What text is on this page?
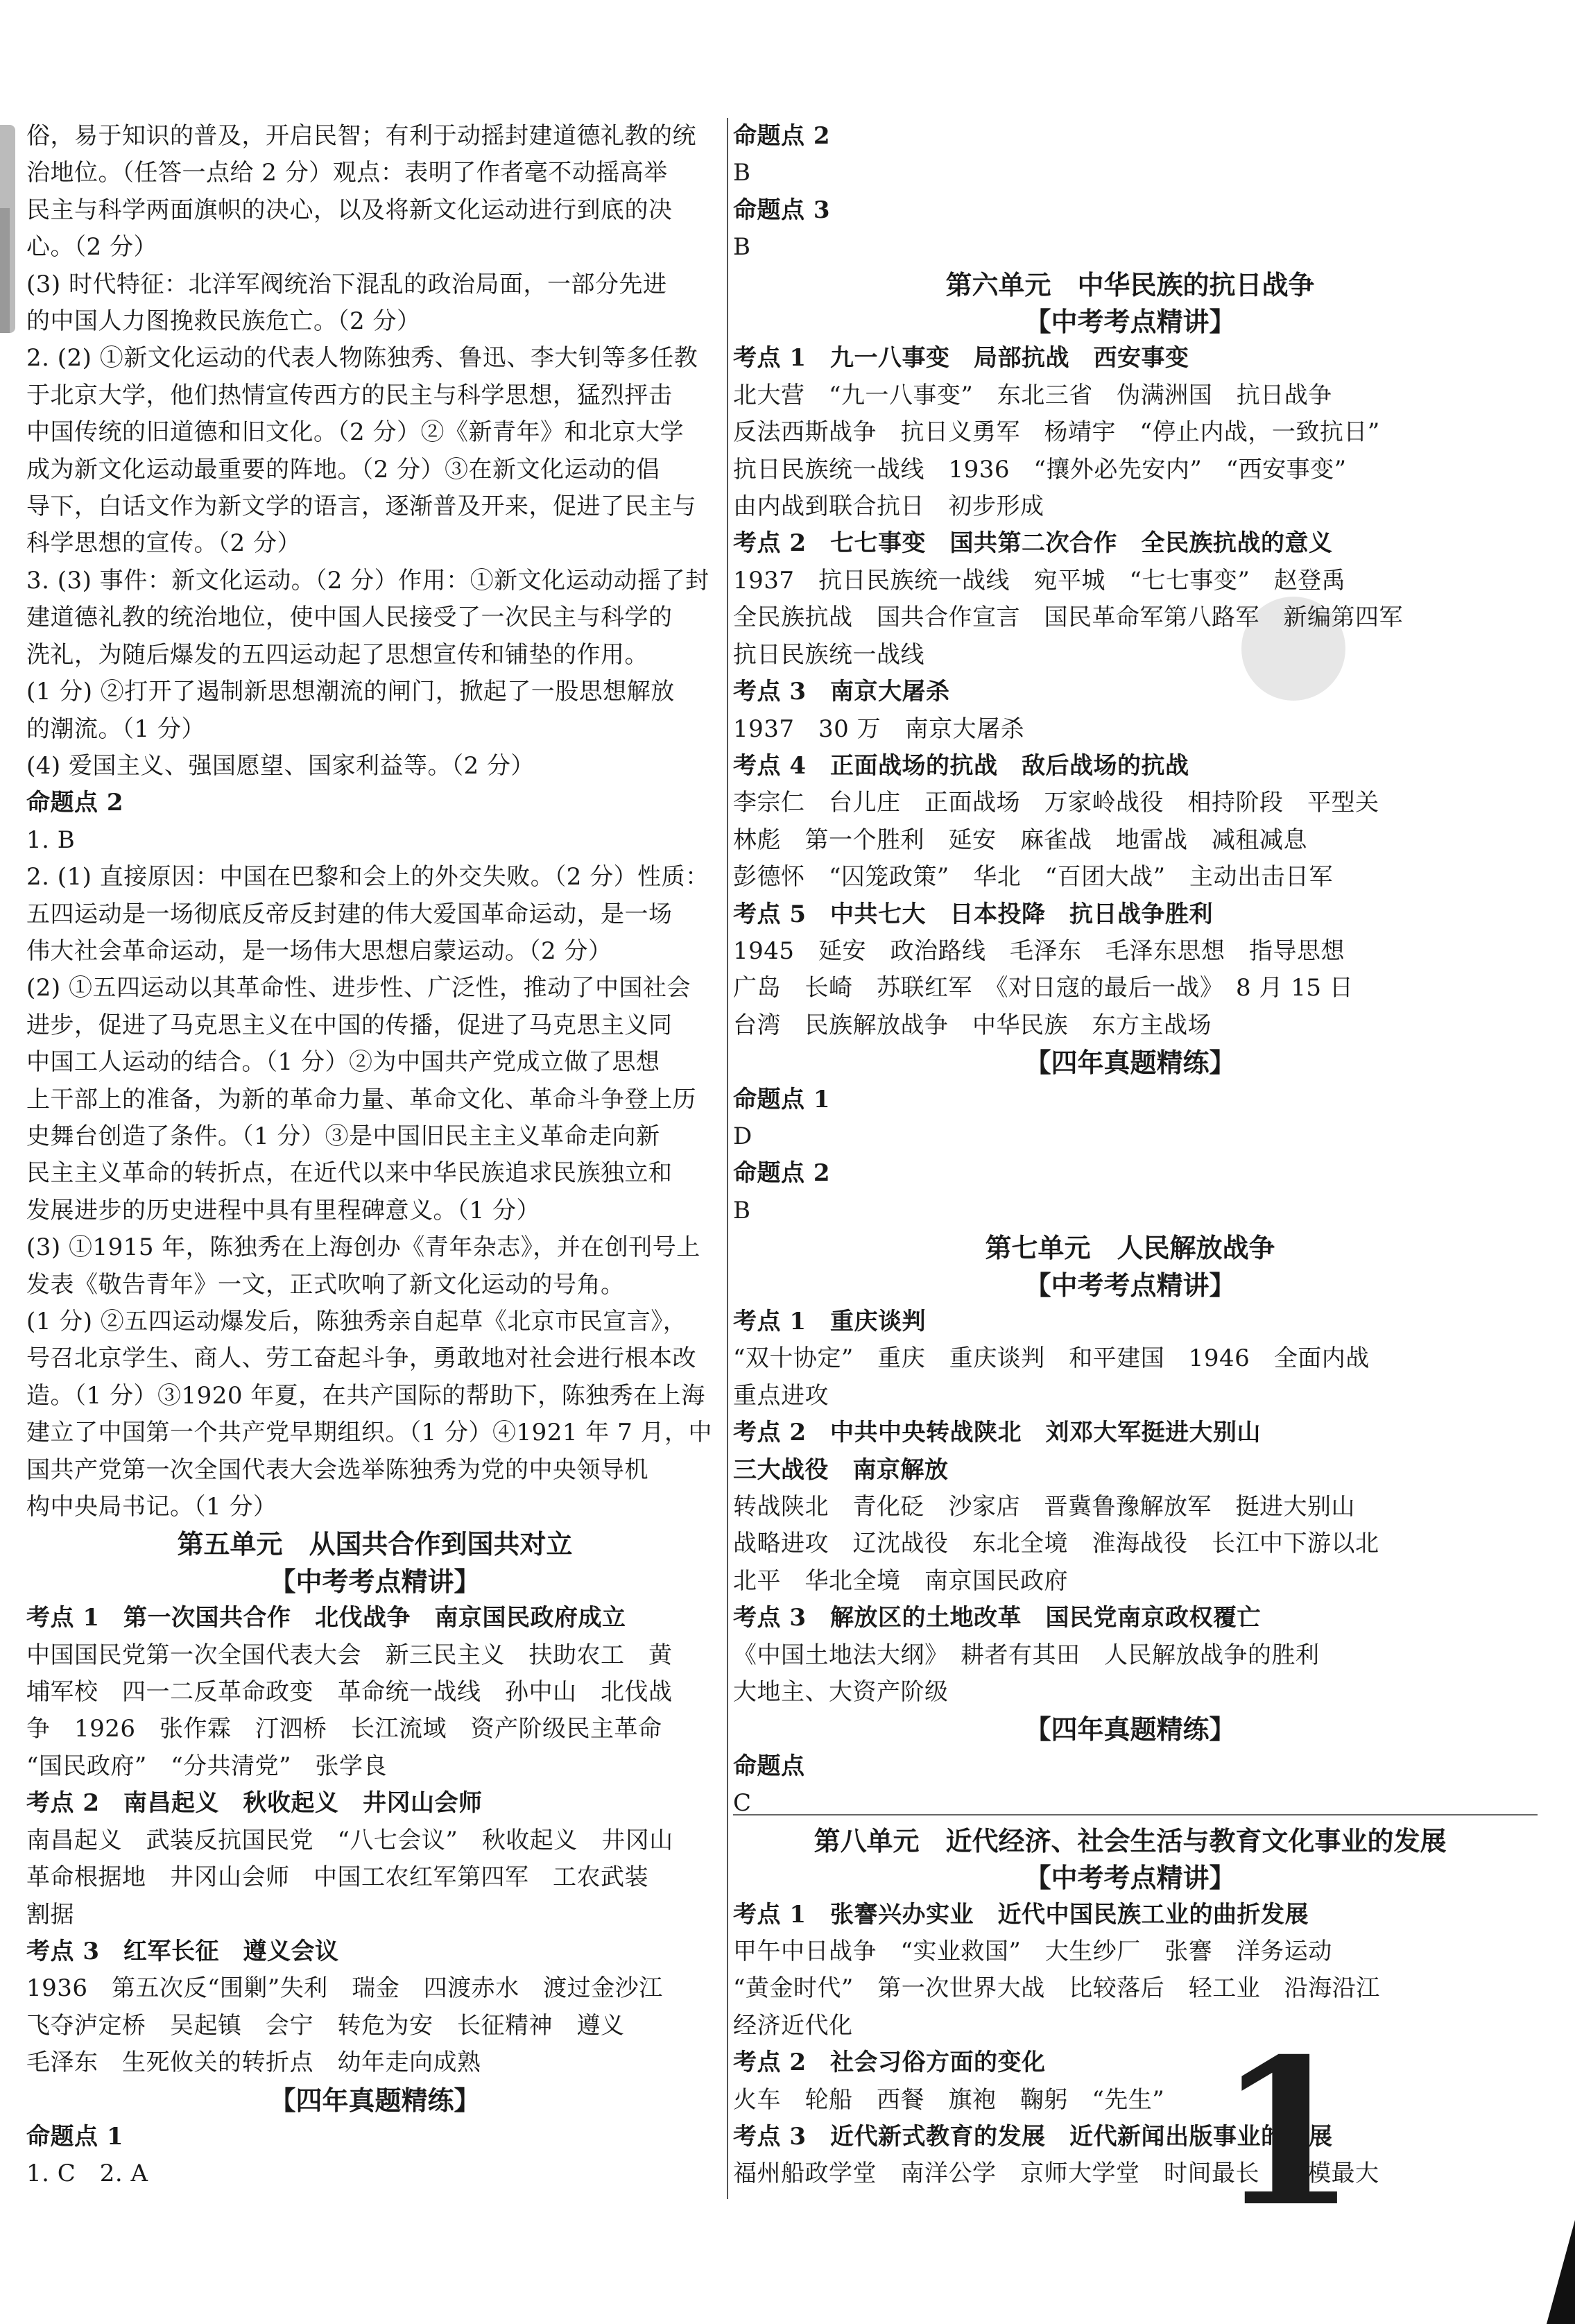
俗，易于知识的普及，开启民智；有利于动摇封建道德礼教的统
治地位。（任答一点给 2 分）观点：表明了作者毫不动摇高举
民主与科学两面旗帜的决心，以及将新文化运动进行到底的决
心。（2 分）
(3) 时代特征：北洋军阀统治下混乱的政治局面，一部分先进
的中国人力图挽救民族危亡。（2 分）
2. (2) ①新文化运动的代表人物陈独秀、鲁迅、李大钊等多任教
于北京大学，他们热情宣传西方的民主与科学思想，猛烈抨击
中国传统的旧道德和旧文化。（2 分）②《新青年》和北京大学
成为新文化运动最重要的阵地。（2 分）③在新文化运动的倡
导下，白话文作为新文学的语言，逐渐普及开来，促进了民主与
科学思想的宣传。（2 分）
3. (3) 事件：新文化运动。（2 分）作用：①新文化运动动摇了封
建道德礼教的统治地位，使中国人民接受了一次民主与科学的
洗礼，为随后爆发的五四运动起了思想宣传和铺垫的作用。
(1 分) ②打开了遏制新思想潮流的闸门，掀起了一股思想解放
的潮流。（1 分）
(4) 爱国主义、强国愿望、国家利益等。（2 分）
命题点 2
1. B
2. (1) 直接原因：中国在巴黎和会上的外交失败。（2 分）性质：
五四运动是一场彻底反帝反封建的伟大爱国革命运动，是一场
伟大社会革命运动，是一场伟大思想启蒙运动。（2 分）
(2) ①五四运动以其革命性、进步性、广泛性，推动了中国社会
进步，促进了马克思主义在中国的传播，促进了马克思主义同
中国工人运动的结合。（1 分）②为中国共产党成立做了思想
上干部上的准备，为新的革命力量、革命文化、革命斗争登上历
史舞台创造了条件。（1 分）③是中国旧民主主义革命走向新
民主主义革命的转折点，在近代以来中华民族追求民族独立和
发展进步的历史进程中具有里程碑意义。（1 分）
(3) ①1915 年，陈独秀在上海创办《青年杂志》，并在创刊号上
发表《敬告青年》一文，正式吹响了新文化运动的号角。
(1 分) ②五四运动爆发后，陈独秀亲自起草《北京市民宣言》，
号召北京学生、商人、劳工奋起斗争，勇敢地对社会进行根本改
造。（1 分）③1920 年夏，在共产国际的帮助下，陈独秀在上海
建立了中国第一个共产党早期组织。（1 分）④1921 年 7 月，中
国共产党第一次全国代表大会选举陈独秀为党的中央领导机
构中央局书记。（1 分）
第五单元　从国共合作到国共对立
【中考考点精讲】
考点 1　第一次国共合作　北伐战争　南京国民政府成立
中国国民党第一次全国代表大会　新三民主义　扶助农工　黄
埔军校　四一二反革命政变　革命统一战线　孙中山　北伐战
争　1926　张作霖　汀泗桥　长江流域　资产阶级民主革命
“国民政府”　“分共清党”　张学良
考点 2　南昌起义　秋收起义　井冈山会师
南昌起义　武装反抗国民党　“八七会议”　秋收起义　井冈山
革命根据地　井冈山会师　中国工农红军第四军　工农武装
割据
考点 3　红军长征　遵义会议
1936　第五次反“围剿”失利　瑞金　四渡赤水　渡过金沙江
飞夺泸定桥　吴起镇　会宁　转危为安　长征精神　遵义
毛泽东　生死攸关的转折点　幼年走向成熟
【四年真题精练】
命题点 1
1. C　2. A
命题点 2
B
命题点 3
B
第六单元　中华民族的抗日战争
【中考考点精讲】
考点 1　九一八事变　局部抗战　西安事变
北大营　“九一八事变”　东北三省　伪满洲国　抗日战争
反法西斯战争　抗日义勇军　杨靖宇　“停止内战，一致抗日”
抗日民族统一战线　1936　“攘外必先安内”　“西安事变”
由内战到联合抗日　初步形成
考点 2　七七事变　国共第二次合作　全民族抗战的意义
1937　抗日民族统一战线　宛平城　“七七事变”　赵登禹
全民族抗战　国共合作宣言　国民革命军第八路军　新编第四军
抗日民族统一战线
考点 3　南京大屠杀
1937　30 万　南京大屠杀
考点 4　正面战场的抗战　敌后战场的抗战
李宗仁　台儿庄　正面战场　万家岭战役　相持阶段　平型关
林彪　第一个胜利　延安　麻雀战　地雷战　减租减息
彭德怀　“囚笼政策”　华北　“百团大战”　主动出击日军
考点 5　中共七大　日本投降　抗日战争胜利
1945　延安　政治路线　毛泽东　毛泽东思想　指导思想
广岛　长崎　苏联红军　《对日寇的最后一战》　8 月 15 日
台湾　民族解放战争　中华民族　东方主战场
【四年真题精练】
命题点 1
D
命题点 2
B
第七单元　人民解放战争
【中考考点精讲】
考点 1　重庆谈判
“双十协定”　重庆　重庆谈判　和平建国　1946　全面内战
重点进攻
考点 2　中共中央转战陕北　刘邓大军挺进大别山
三大战役　南京解放
转战陕北　青化砭　沙家店　晋冀鲁豫解放军　挺进大别山
战略进攻　辽沈战役　东北全境　淮海战役　长江中下游以北
北平　华北全境　南京国民政府
考点 3　解放区的土地改革　国民党南京政权覆亡
《中国土地法大纲》　耕者有其田　人民解放战争的胜利
大地主、大资产阶级
【四年真题精练】
命题点
C
第八单元　近代经济、社会生活与教育文化事业的发展
【中考考点精讲】
考点 1　张謇兴办实业　近代中国民族工业的曲折发展
甲午中日战争　“实业救国”　大生纱厂　张謇　洋务运动
“黄金时代”　第一次世界大战　比较落后　轻工业　沿海沿江
经济近代化
考点 2　社会习俗方面的变化
火车　轮船　西餐　旗袍　鞠躬　“先生”
考点 3　近代新式教育的发展　近代新闻出版事业的发展
福州船政学堂　南洋公学　京师大学堂　时间最长　规模最大
1
